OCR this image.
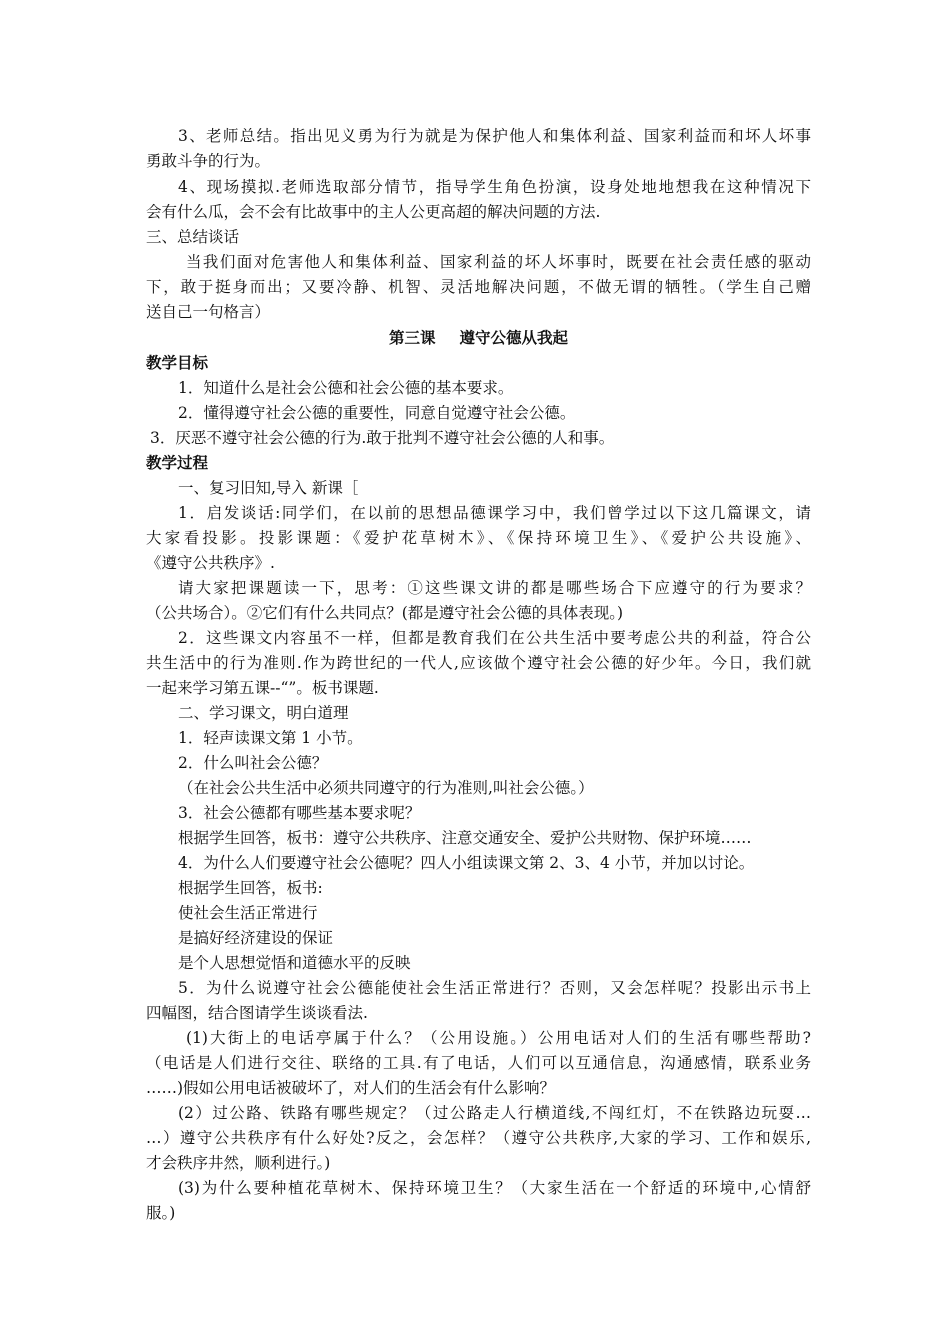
3、老师总结。指出见义勇为行为就是为保护他人和集体利益、国家利益而和坏人坏事
勇敢斗争的行为。
4、现场摸拟.老师选取部分情节，指导学生角色扮演，设身处地地想我在这种情况下
会有什么瓜，会不会有比故事中的主人公更高超的解决问题的方法.
三、总结谈话
当我们面对危害他人和集体利益、国家利益的坏人坏事时，既要在社会责任感的驱动
下，敢于挺身而出；又要冷静、机智、灵活地解决问题，不做无谓的牺牲。（学生自己赠
送自己一句格言）
第三课 遵守公德从我起
教学目标
1．知道什么是社会公德和社会公德的基本要求。
2．懂得遵守社会公德的重要性，同意自觉遵守社会公德。
3．厌恶不遵守社会公德的行为.敢于批判不遵守社会公德的人和事。
教学过程
一、复习旧知,导入 新课［
1．启发谈话:同学们，在以前的思想品德课学习中，我们曾学过以下这几篇课文，请
大家看投影。投影课题：《爱护花草树木》、《保持环境卫生》、《爱护公共设施》、
《遵守公共秩序》.
请大家把课题读一下，思考：①这些课文讲的都是哪些场合下应遵守的行为要求？
（公共场合）。②它们有什么共同点？(都是遵守社会公德的具体表现。)
2．这些课文内容虽不一样，但都是教育我们在公共生活中要考虑公共的利益，符合公
共生活中的行为准则.作为跨世纪的一代人,应该做个遵守社会公德的好少年。今日，我们就
一起来学习第五课--“”。板书课题.
二、学习课文，明白道理
1．轻声读课文第 1 小节。
2．什么叫社会公德？
（在社会公共生活中必须共同遵守的行为准则,叫社会公德。）
3．社会公德都有哪些基本要求呢？
根据学生回答，板书：遵守公共秩序、注意交通安全、爱护公共财物、保护环境……
4．为什么人们要遵守社会公德呢？四人小组读课文第 2、3、4 小节，并加以讨论。
根据学生回答，板书:
使社会生活正常进行
是搞好经济建设的保证
是个人思想觉悟和道德水平的反映
5．为什么说遵守社会公德能使社会生活正常进行？否则，又会怎样呢？投影出示书上
四幅图，结合图请学生谈谈看法.
(1)大街上的电话亭属于什么？（公用设施。）公用电话对人们的生活有哪些帮助?
（电话是人们进行交往、联络的工具.有了电话，人们可以互通信息，沟通感情，联系业务
……)假如公用电话被破坏了，对人们的生活会有什么影响？
(2）过公路、铁路有哪些规定？（过公路走人行横道线,不闯红灯，不在铁路边玩耍…
…）遵守公共秩序有什么好处?反之，会怎样？（遵守公共秩序,大家的学习、工作和娱乐,
才会秩序井然，顺利进行。)
(3)为什么要种植花草树木、保持环境卫生？（大家生活在一个舒适的环境中,心情舒
服。)
